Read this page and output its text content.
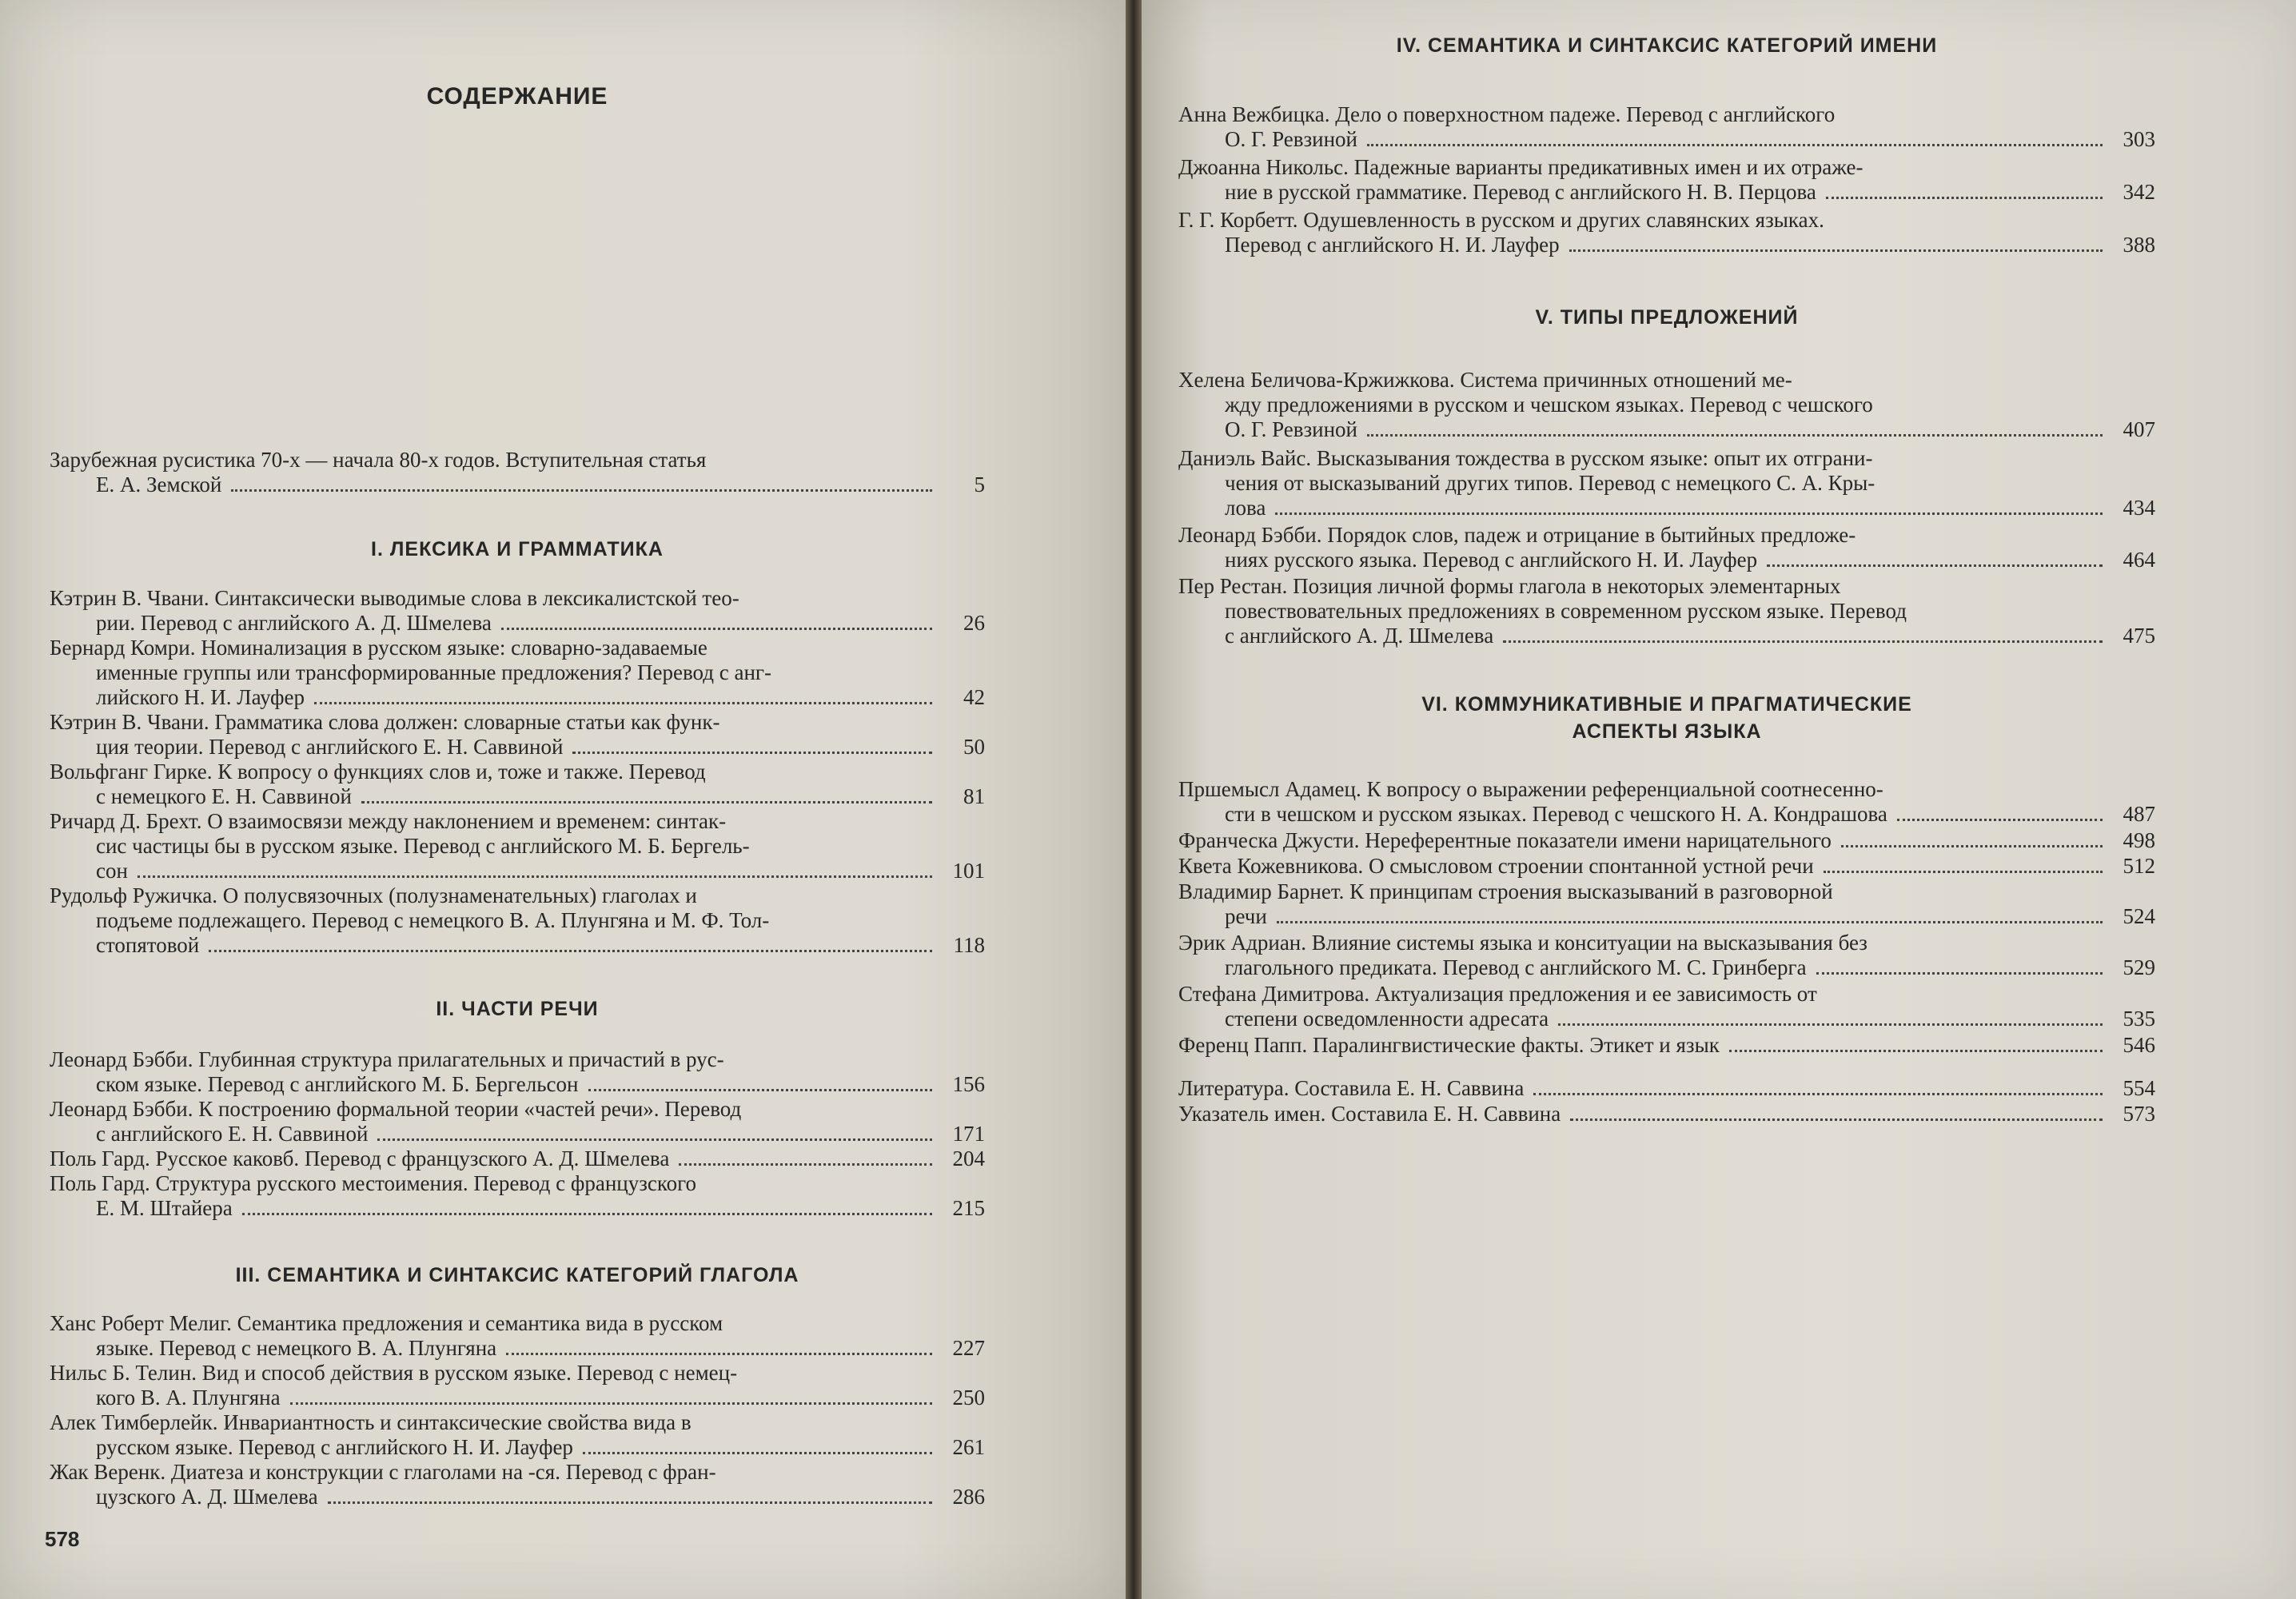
СОДЕРЖАНИЕ
Зарубежная русистика 70-х — начала 80-х годов. Вступительная статья
Е. А. Земской	5
I. ЛЕКСИКА И ГРАММАТИКА
Кэтрин В. Чвани. Синтаксически выводимые слова в лексикалистской тео-
рии. Перевод с английского А. Д. Шмелева	26
Бернард Комри. Номинализация в русском языке: словарно-задаваемые
именные группы или трансформированные предложения? Перевод с анг-
лийского Н. И. Лауфер	42
Кэтрин В. Чвани. Грамматика слова должен: словарные статьи как функ-
ция теории. Перевод с английского Е. Н. Саввиной	50
Вольфганг Гирке. К вопросу о функциях слов и, тоже и также. Перевод
с немецкого Е. Н. Саввиной	81
Ричард Д. Брехт. О взаимосвязи между наклонением и временем: синтак-
сис частицы бы в русском языке. Перевод с английского М. Б. Бергель-
сон	101
Рудольф Ружичка. О полусвязочных (полузнаменательных) глаголах и
подъеме подлежащего. Перевод с немецкого В. А. Плунгяна и М. Ф. Тол-
стопятовой	118
II. ЧАСТИ РЕЧИ
Леонард Бэбби. Глубинная структура прилагательных и причастий в рус-
ском языке. Перевод с английского М. Б. Бергельсон	156
Леонард Бэбби. К построению формальной теории «частей речи». Перевод
с английского Е. Н. Саввиной	171
Поль Гард. Русское каковб. Перевод с французского А. Д. Шмелева	204
Поль Гард. Структура русского местоимения. Перевод с французского
Е. М. Штайера	215
III. СЕМАНТИКА И СИНТАКСИС КАТЕГОРИЙ ГЛАГОЛА
Ханс Роберт Мелиг. Семантика предложения и семантика вида в русском
языке. Перевод с немецкого В. А. Плунгяна	227
Нильс Б. Телин. Вид и способ действия в русском языке. Перевод с немец-
кого В. А. Плунгяна	250
Алек Тимберлейк. Инвариантность и синтаксические свойства вида в
русском языке. Перевод с английского Н. И. Лауфер	261
Жак Веренк. Диатеза и конструкции с глаголами на -ся. Перевод с фран-
цузского А. Д. Шмелева	286
578
IV. СЕМАНТИКА И СИНТАКСИС КАТЕГОРИЙ ИМЕНИ
Анна Вежбицка. Дело о поверхностном падеже. Перевод с английского
О. Г. Ревзиной	303
Джоанна Никольс. Падежные варианты предикативных имен и их отраже-
ние в русской грамматике. Перевод с английского Н. В. Перцова	342
Г. Г. Корбетт. Одушевленность в русском и других славянских языках.
Перевод с английского Н. И. Лауфер	388
V. ТИПЫ ПРЕДЛОЖЕНИЙ
Хелена Беличова-Кржижкова. Система причинных отношений ме-
жду предложениями в русском и чешском языках. Перевод с чешского
О. Г. Ревзиной	407
Даниэль Вайс. Высказывания тождества в русском языке: опыт их отграни-
чения от высказываний других типов. Перевод с немецкого С. А. Кры-
лова	434
Леонард Бэбби. Порядок слов, падеж и отрицание в бытийных предложе-
ниях русского языка. Перевод с английского Н. И. Лауфер	464
Пер Рестан. Позиция личной формы глагола в некоторых элементарных
повествовательных предложениях в современном русском языке. Перевод
с английского А. Д. Шмелева	475
VI. КОММУНИКАТИВНЫЕ И ПРАГМАТИЧЕСКИЕ
АСПЕКТЫ ЯЗЫКА
Пршемысл Адамец. К вопросу о выражении референциальной соотнесенно-
сти в чешском и русском языках. Перевод с чешского Н. А. Кондрашова	487
Франческа Джусти. Нереферентные показатели имени нарицательного	498
Квета Кожевникова. О смысловом строении спонтанной устной речи	512
Владимир Барнет. К принципам строения высказываний в разговорной
речи	524
Эрик Адриан. Влияние системы языка и конситуации на высказывания без
глагольного предиката. Перевод с английского М. С. Гринберга	529
Стефана Димитрова. Актуализация предложения и ее зависимость от
степени осведомленности адресата	535
Ференц Папп. Паралингвистические факты. Этикет и язык	546
Литература. Составила Е. Н. Саввина	554
Указатель имен. Составила Е. Н. Саввина	573
